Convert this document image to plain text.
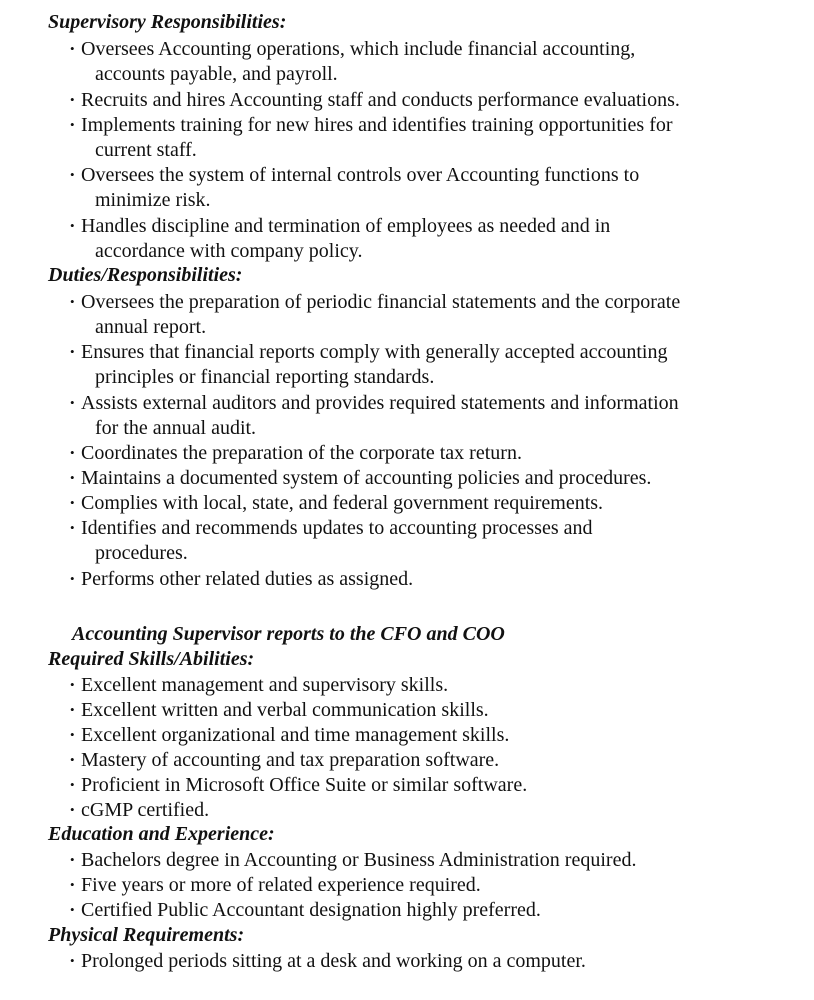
Supervisory Responsibilities:
• Oversees Accounting operations, which include financial accounting,
accounts payable, and payroll.
• Recruits and hires Accounting staff and conducts performance evaluations.
• Implements training for new hires and identifies training opportunities for
current staff.
• Oversees the system of internal controls over Accounting functions to
minimize risk.
• Handles discipline and termination of employees as needed and in
accordance with company policy.
Duties/Responsibilities:
• Oversees the preparation of periodic financial statements and the corporate
annual report.
• Ensures that financial reports comply with generally accepted accounting
principles or financial reporting standards.
• Assists external auditors and provides required statements and information
for the annual audit.
• Coordinates the preparation of the corporate tax return.
• Maintains a documented system of accounting policies and procedures.
• Complies with local, state, and federal government requirements.
• Identifies and recommends updates to accounting processes and
procedures.
• Performs other related duties as assigned.
Accounting Supervisor reports to the CFO and COO
Required Skills/Abilities:
• Excellent management and supervisory skills.
• Excellent written and verbal communication skills.
• Excellent organizational and time management skills.
• Mastery of accounting and tax preparation software.
• Proficient in Microsoft Office Suite or similar software.
• cGMP certified.
Education and Experience:
• Bachelors degree in Accounting or Business Administration required.
• Five years or more of related experience required.
• Certified Public Accountant designation highly preferred.
Physical Requirements:
• Prolonged periods sitting at a desk and working on a computer.
